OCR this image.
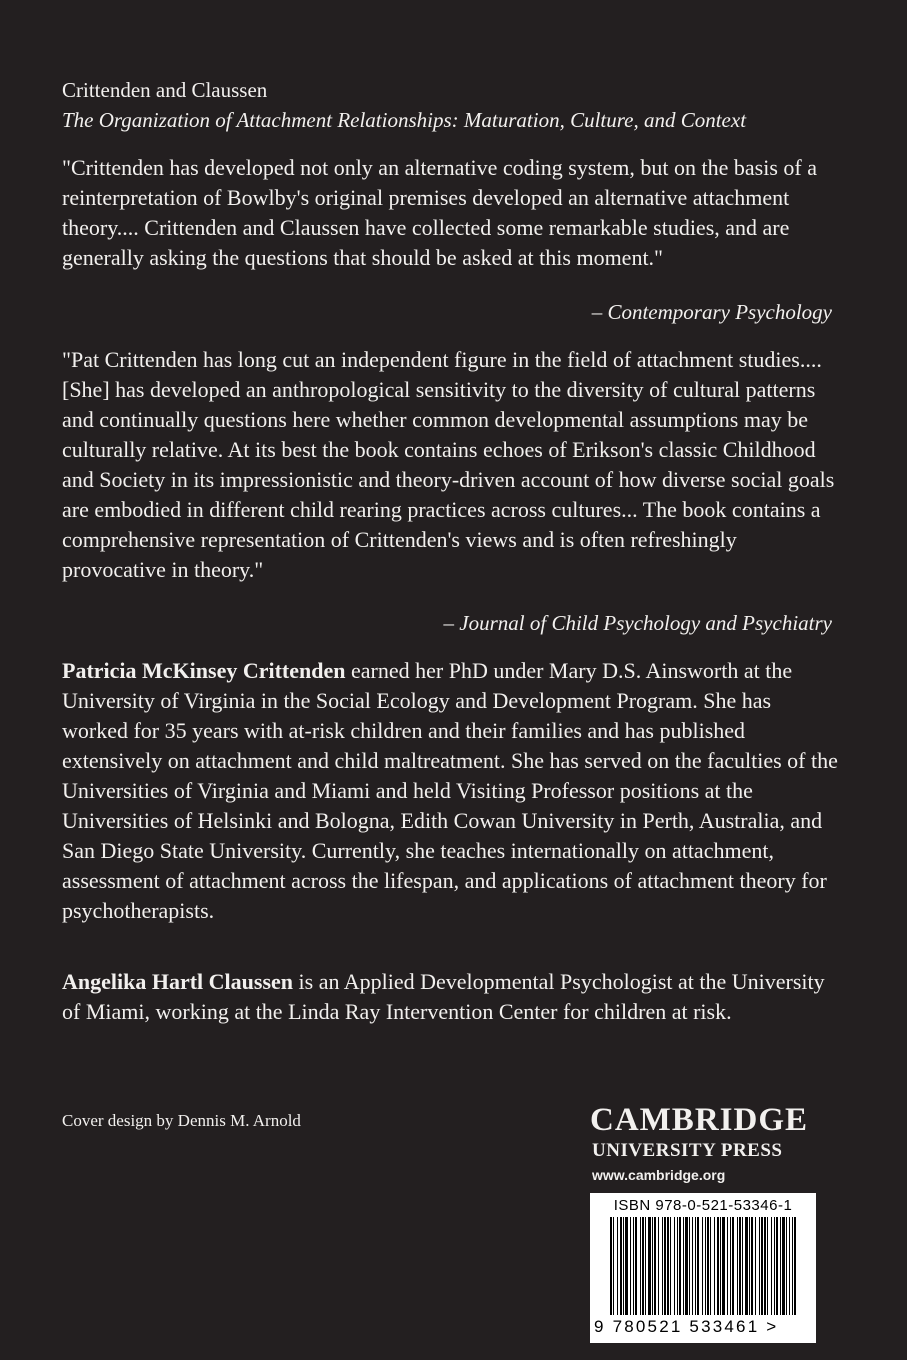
Crittenden and Claussen
The Organization of Attachment Relationships: Maturation, Culture, and Context
"Crittenden has developed not only an alternative coding system, but on the basis of a reinterpretation of Bowlby's original premises developed an alternative attachment theory.... Crittenden and Claussen have collected some remarkable studies, and are generally asking the questions that should be asked at this moment."
– Contemporary Psychology
"Pat Crittenden has long cut an independent figure in the field of attachment studies.... [She] has developed an anthropological sensitivity to the diversity of cultural patterns and continually questions here whether common developmental assumptions may be culturally relative. At its best the book contains echoes of Erikson's classic Childhood and Society in its impressionistic and theory-driven account of how diverse social goals are embodied in different child rearing practices across cultures... The book contains a comprehensive representation of Crittenden's views and is often refreshingly provocative in theory."
– Journal of Child Psychology and Psychiatry
Patricia McKinsey Crittenden earned her PhD under Mary D.S. Ainsworth at the University of Virginia in the Social Ecology and Development Program. She has worked for 35 years with at-risk children and their families and has published extensively on attachment and child maltreatment. She has served on the faculties of the Universities of Virginia and Miami and held Visiting Professor positions at the Universities of Helsinki and Bologna, Edith Cowan University in Perth, Australia, and San Diego State University. Currently, she teaches internationally on attachment, assessment of attachment across the lifespan, and applications of attachment theory for psychotherapists.
Angelika Hartl Claussen is an Applied Developmental Psychologist at the University of Miami, working at the Linda Ray Intervention Center for children at risk.
Cover design by Dennis M. Arnold	CAMBRIDGE
UNIVERSITY PRESS
www.cambridge.org
ISBN 978-0-521-53346-1
9 780521 533461 >
